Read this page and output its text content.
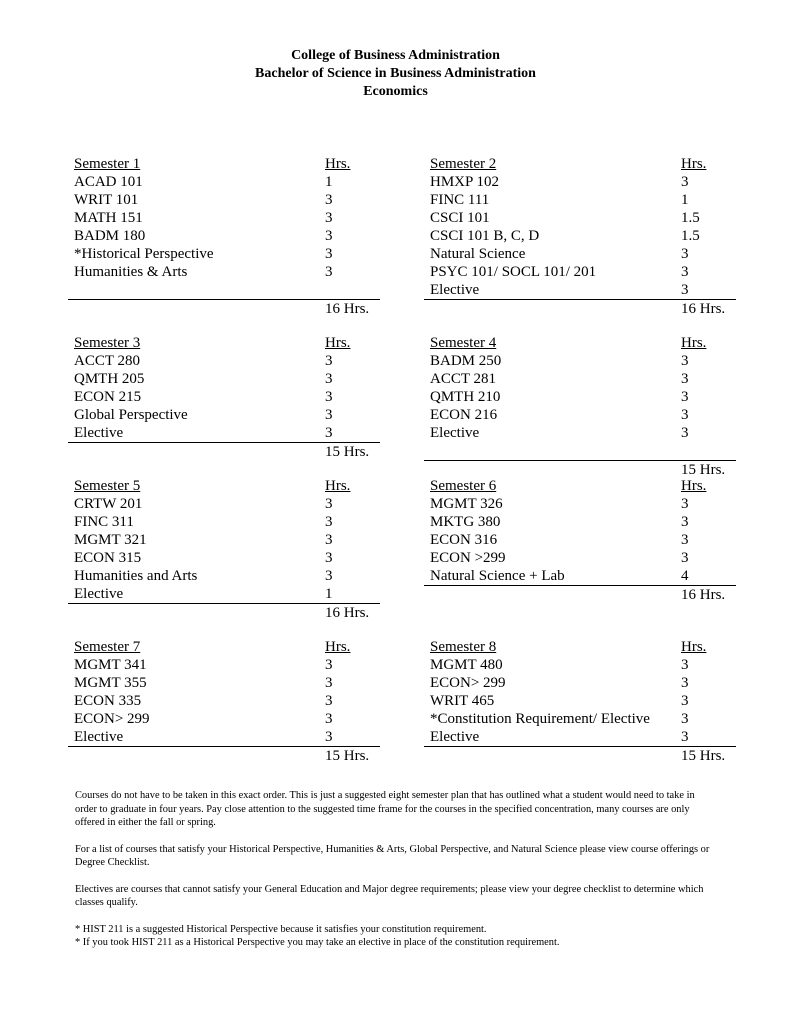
College of Business Administration
Bachelor of Science in Business Administration
Economics
Semester 1	Hrs.
ACAD 101	1
WRIT 101	3
MATH 151	3
BADM 180	3
*Historical Perspective	3
Humanities & Arts	3
16 Hrs.
Semester 3	Hrs.
ACCT 280	3
QMTH 205	3
ECON 215	3
Global Perspective	3
Elective	3
15 Hrs.
Semester 5	Hrs.
CRTW 201	3
FINC 311	3
MGMT 321	3
ECON 315	3
Humanities and Arts	3
Elective	1
16 Hrs.
Semester 7	Hrs.
MGMT 341	3
MGMT 355	3
ECON 335	3
ECON> 299	3
Elective	3
15 Hrs.
Semester 2	Hrs.
HMXP 102	3
FINC 111	1
CSCI 101	1.5
CSCI 101 B, C, D	1.5
Natural Science	3
PSYC 101/ SOCL 101/ 201	3
Elective	3
16 Hrs.
Semester 4	Hrs.
BADM 250	3
ACCT 281	3
QMTH 210	3
ECON 216	3
Elective	3
15 Hrs.
Semester 6	Hrs.
MGMT 326	3
MKTG 380	3
ECON 316	3
ECON >299	3
Natural Science + Lab	4
16 Hrs.
Semester 8	Hrs.
MGMT 480	3
ECON> 299	3
WRIT 465	3
*Constitution Requirement/ Elective 3
Elective	3
15 Hrs.

Courses do not have to be taken in this exact order. This is just a suggested eight semester plan that has outlined what a student would need to take in order to graduate in four years. Pay close attention to the suggested time frame for the courses in the specified concentration, many courses are only offered in either the fall or spring.

For a list of courses that satisfy your Historical Perspective, Humanities & Arts, Global Perspective, and Natural Science please view course offerings or Degree Checklist.

Electives are courses that cannot satisfy your General Education and Major degree requirements; please view your degree checklist to determine which classes qualify.

* HIST 211 is a suggested Historical Perspective because it satisfies your constitution requirement.

* If you took HIST 211 as a Historical Perspective you may take an elective in place of the constitution requirement.
